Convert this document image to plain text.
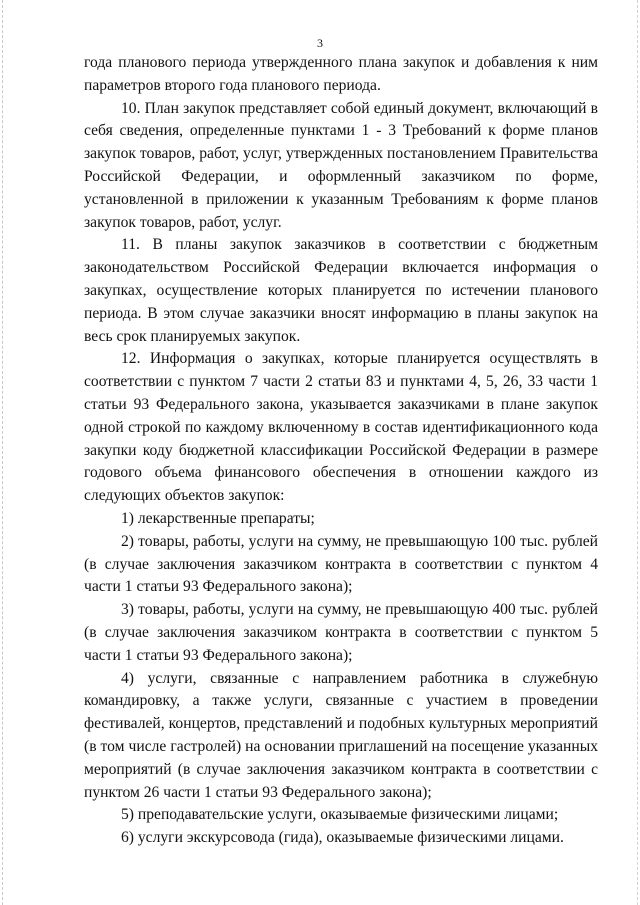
3

года планового периода утвержденного плана закупок и добавления к ним параметров второго года планового периода.

10. План закупок представляет собой единый документ, включающий в себя сведения, определенные пунктами 1 - 3 Требований к форме планов закупок товаров, работ, услуг, утвержденных постановлением Правительства Российской Федерации, и оформленный заказчиком по форме, установленной в приложении к указанным Требованиям к форме планов закупок товаров, работ, услуг.

11. В планы закупок заказчиков в соответствии с бюджетным законодательством Российской Федерации включается информация о закупках, осуществление которых планируется по истечении планового периода. В этом случае заказчики вносят информацию в планы закупок на весь срок планируемых закупок.

12. Информация о закупках, которые планируется осуществлять в соответствии с пунктом 7 части 2 статьи 83 и пунктами 4, 5, 26, 33 части 1 статьи 93 Федерального закона, указывается заказчиками в плане закупок одной строкой по каждому включенному в состав идентификационного кода закупки коду бюджетной классификации Российской Федерации в размере годового объема финансового обеспечения в отношении каждого из следующих объектов закупок:

1) лекарственные препараты;

2) товары, работы, услуги на сумму, не превышающую 100 тыс. рублей (в случае заключения заказчиком контракта в соответствии с пунктом 4 части 1 статьи 93 Федерального закона);

3) товары, работы, услуги на сумму, не превышающую 400 тыс. рублей (в случае заключения заказчиком контракта в соответствии с пунктом 5 части 1 статьи 93 Федерального закона);

4) услуги, связанные с направлением работника в служебную командировку, а также услуги, связанные с участием в проведении фестивалей, концертов, представлений и подобных культурных мероприятий (в том числе гастролей) на основании приглашений на посещение указанных мероприятий (в случае заключения заказчиком контракта в соответствии с пунктом 26 части 1 статьи 93 Федерального закона);

5) преподавательские услуги, оказываемые физическими лицами;

6) услуги экскурсовода (гида), оказываемые физическими лицами.
